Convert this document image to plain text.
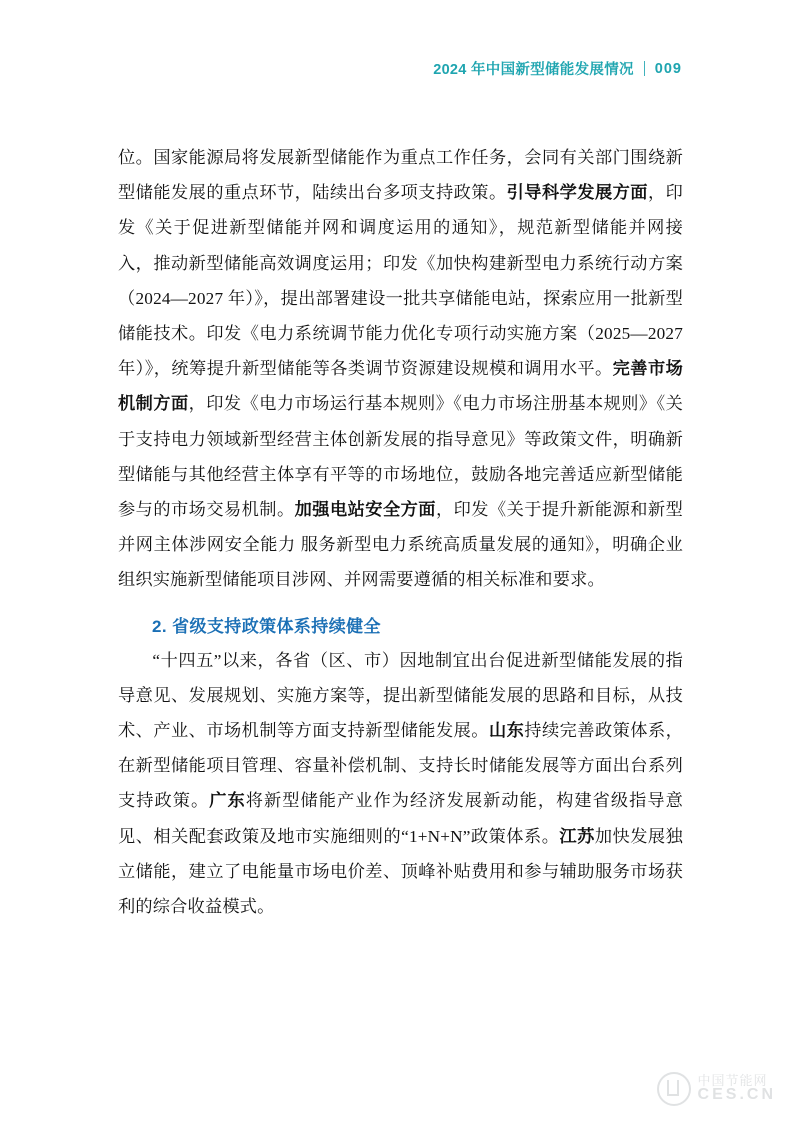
2024 年中国新型储能发展情况 009

位。国家能源局将发展新型储能作为重点工作任务，会同有关部门围绕新型储能发展的重点环节，陆续出台多项支持政策。引导科学发展方面，印发《关于促进新型储能并网和调度运用的通知》，规范新型储能并网接入，推动新型储能高效调度运用；印发《加快构建新型电力系统行动方案（2024—2027 年）》，提出部署建设一批共享储能电站，探索应用一批新型储能技术。印发《电力系统调节能力优化专项行动实施方案（2025—2027 年）》，统筹提升新型储能等各类调节资源建设规模和调用水平。完善市场机制方面，印发《电力市场运行基本规则》《电力市场注册基本规则》《关于支持电力领域新型经营主体创新发展的指导意见》等政策文件，明确新型储能与其他经营主体享有平等的市场地位，鼓励各地完善适应新型储能参与的市场交易机制。加强电站安全方面，印发《关于提升新能源和新型并网主体涉网安全能力 服务新型电力系统高质量发展的通知》，明确企业组织实施新型储能项目涉网、并网需要遵循的相关标准和要求。

2. 省级支持政策体系持续健全

“十四五”以来，各省（区、市）因地制宜出台促进新型储能发展的指导意见、发展规划、实施方案等，提出新型储能发展的思路和目标，从技术、产业、市场机制等方面支持新型储能发展。山东持续完善政策体系，在新型储能项目管理、容量补偿机制、支持长时储能发展等方面出台系列支持政策。广东将新型储能产业作为经济发展新动能，构建省级指导意见、相关配套政策及地市实施细则的“1+N+N”政策体系。江苏加快发展独立储能，建立了电能量市场电价差、顶峰补贴费用和参与辅助服务市场获利的综合收益模式。

中国节能网
CES.CN
